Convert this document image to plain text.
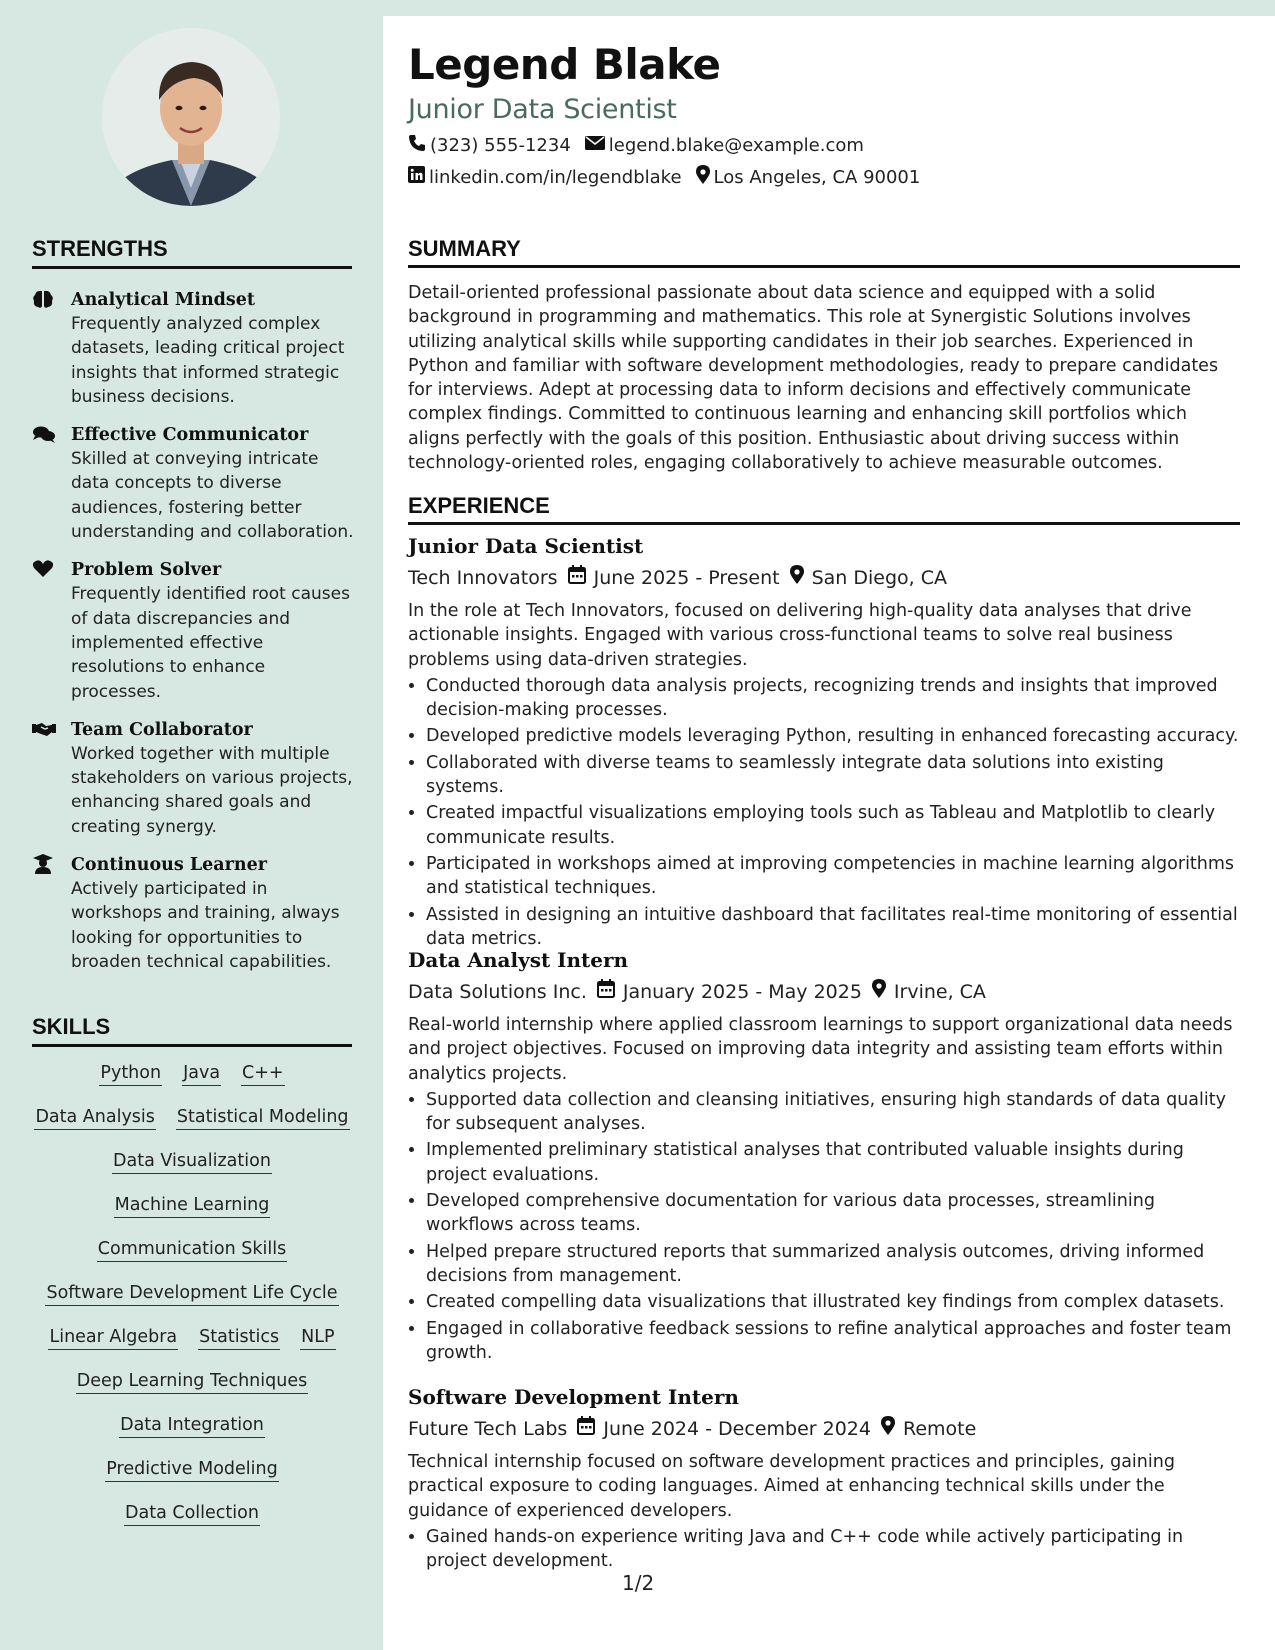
STRENGTHS
Analytical Mindset
Frequently analyzed complex datasets, leading critical project insights that informed strategic business decisions.
Effective Communicator
Skilled at conveying intricate data concepts to diverse audiences, fostering better understanding and collaboration.
Problem Solver
Frequently identified root causes of data discrepancies and implemented effective resolutions to enhance processes.
Team Collaborator
Worked together with multiple stakeholders on various projects, enhancing shared goals and creating synergy.
Continuous Learner
Actively participated in workshops and training, always looking for opportunities to broaden technical capabilities.
SKILLS
Python Java C++
Data Analysis Statistical Modeling
Data Visualization
Machine Learning
Communication Skills
Software Development Life Cycle
Linear Algebra Statistics NLP
Deep Learning Techniques
Data Integration
Predictive Modeling
Data Collection
Legend Blake
Junior Data Scientist
(323) 555-1234 legend.blake@example.com
linkedin.com/in/legendblake Los Angeles, CA 90001
SUMMARY
Detail-oriented professional passionate about data science and equipped with a solid background in programming and mathematics. This role at Synergistic Solutions involves utilizing analytical skills while supporting candidates in their job searches. Experienced in Python and familiar with software development methodologies, ready to prepare candidates for interviews. Adept at processing data to inform decisions and effectively communicate complex findings. Committed to continuous learning and enhancing skill portfolios which aligns perfectly with the goals of this position. Enthusiastic about driving success within technology-oriented roles, engaging collaboratively to achieve measurable outcomes.
EXPERIENCE
Junior Data Scientist
Tech Innovators June 2025 - Present San Diego, CA
In the role at Tech Innovators, focused on delivering high-quality data analyses that drive actionable insights. Engaged with various cross-functional teams to solve real business problems using data-driven strategies.
• Conducted thorough data analysis projects, recognizing trends and insights that improved decision-making processes.
• Developed predictive models leveraging Python, resulting in enhanced forecasting accuracy.
• Collaborated with diverse teams to seamlessly integrate data solutions into existing systems.
• Created impactful visualizations employing tools such as Tableau and Matplotlib to clearly communicate results.
• Participated in workshops aimed at improving competencies in machine learning algorithms and statistical techniques.
• Assisted in designing an intuitive dashboard that facilitates real-time monitoring of essential data metrics.
Data Analyst Intern
Data Solutions Inc. January 2025 - May 2025 Irvine, CA
Real-world internship where applied classroom learnings to support organizational data needs and project objectives. Focused on improving data integrity and assisting team efforts within analytics projects.
• Supported data collection and cleansing initiatives, ensuring high standards of data quality for subsequent analyses.
• Implemented preliminary statistical analyses that contributed valuable insights during project evaluations.
• Developed comprehensive documentation for various data processes, streamlining workflows across teams.
• Helped prepare structured reports that summarized analysis outcomes, driving informed decisions from management.
• Created compelling data visualizations that illustrated key findings from complex datasets.
• Engaged in collaborative feedback sessions to refine analytical approaches and foster team growth.
Software Development Intern
Future Tech Labs June 2024 - December 2024 Remote
Technical internship focused on software development practices and principles, gaining practical exposure to coding languages. Aimed at enhancing technical skills under the guidance of experienced developers.
• Gained hands-on experience writing Java and C++ code while actively participating in project development.
1/2
